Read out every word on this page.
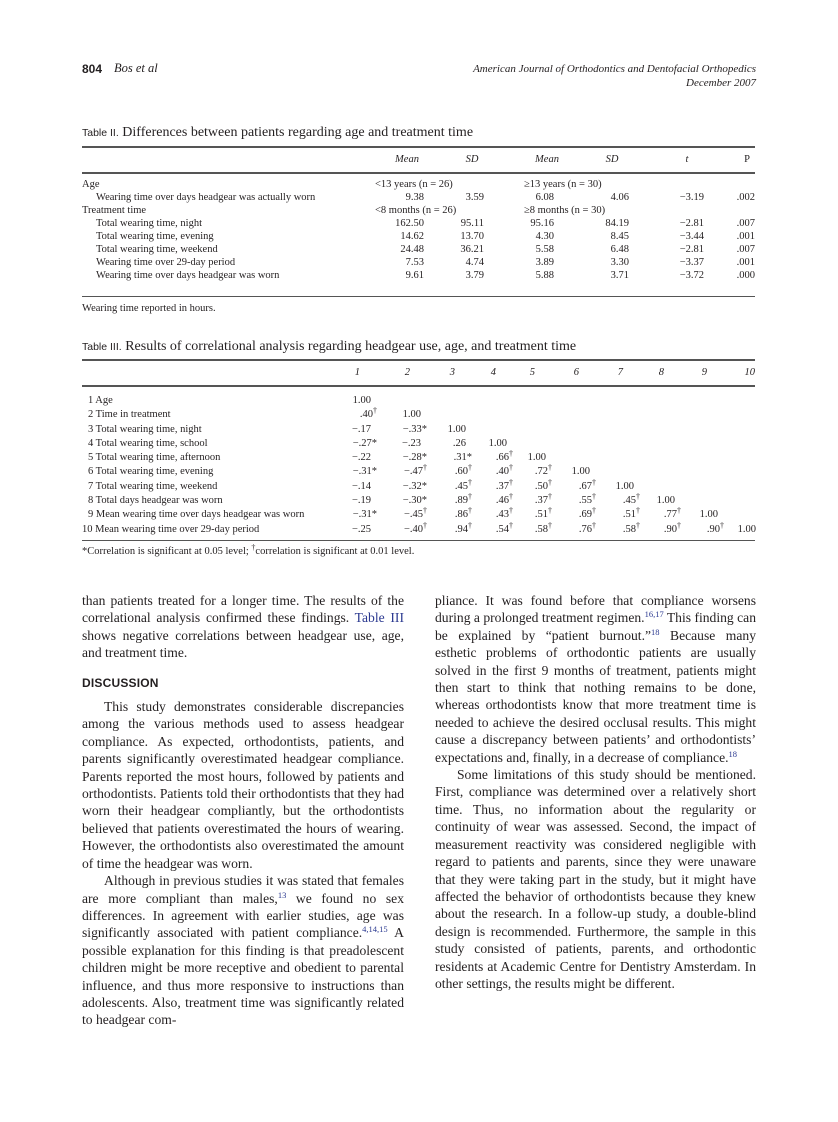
804 Bos et al	American Journal of Orthodontics and Dentofacial Orthopedics
December 2007
Table II. Differences between patients regarding age and treatment time
Mean	SD	Mean	SD	t	P
Age	<13 years (n = 26)	≥13 years (n = 30)
Wearing time over days headgear was actually worn	9.38	3.59	6.08	4.06	−3.19	.002
Treatment time	<8 months (n = 26)	≥8 months (n = 30)
Total wearing time, night	162.50	95.11	95.16	84.19	−2.81	.007
Total wearing time, evening	14.62	13.70	4.30	8.45	−3.44	.001
Total wearing time, weekend	24.48	36.21	5.58	6.48	−2.81	.007
Wearing time over 29-day period	7.53	4.74	3.89	3.30	−3.37	.001
Wearing time over days headgear was worn	9.61	3.79	5.88	3.71	−3.72	.000
Wearing time reported in hours.
Table III. Results of correlational analysis regarding headgear use, age, and treatment time
1	2	3	4	5	6	7	8	9	10
1 Age	1.00
2 Time in treatment	.40†	1.00
3 Total wearing time, night	−.17	−.33*	1.00
4 Total wearing time, school	−.27*	−.23	.26	1.00
5 Total wearing time, afternoon	−.22	−.28*	.31*	.66†	1.00
6 Total wearing time, evening	−.31*	−.47†	.60†	.40†	.72†	1.00
7 Total wearing time, weekend	−.14	−.32*	.45†	.37†	.50†	.67†	1.00
8 Total days headgear was worn	−.19	−.30*	.89†	.46†	.37†	.55†	.45†	1.00
9 Mean wearing time over days headgear was worn	−.31*	−.45†	.86†	.43†	.51†	.69†	.51†	.77†	1.00
10 Mean wearing time over 29-day period	−.25	−.40†	.94†	.54†	.58†	.76†	.58†	.90†	.90†	1.00
*Correlation is significant at 0.05 level; †correlation is significant at 0.01 level.

than patients treated for a longer time. The results of the correlational analysis confirmed these findings. Table III shows negative correlations between headgear use, age, and treatment time.

DISCUSSION

This study demonstrates considerable discrepancies among the various methods used to assess headgear compliance. As expected, orthodontists, patients, and parents significantly overestimated headgear compliance. Parents reported the most hours, followed by patients and orthodontists. Patients told their orthodontists that they had worn their headgear compliantly, but the orthodontists believed that patients overestimated the hours of wearing. However, the orthodontists also overestimated the amount of time the headgear was worn.

Although in previous studies it was stated that females are more compliant than males,$^{13}$ we found no sex differences. In agreement with earlier studies, age was significantly associated with patient compliance.$^{4,14,15}$ A possible explanation for this finding is that preadolescent children might be more receptive and obedient to parental influence, and thus more responsive to instructions than adolescents. Also, treatment time was significantly related to headgear com-

pliance. It was found before that compliance worsens during a prolonged treatment regimen.$^{16,17}$ This finding can be explained by “patient burnout.”$^{18}$ Because many esthetic problems of orthodontic patients are usually solved in the first 9 months of treatment, patients might then start to think that nothing remains to be done, whereas orthodontists know that more treatment time is needed to achieve the desired occlusal results. This might cause a discrepancy between patients’ and orthodontists’ expectations and, finally, in a decrease of compliance.$^{18}$

Some limitations of this study should be mentioned. First, compliance was determined over a relatively short time. Thus, no information about the regularity or continuity of wear was assessed. Second, the impact of measurement reactivity was considered negligible with regard to patients and parents, since they were unaware that they were taking part in the study, but it might have affected the behavior of orthodontists because they knew about the research. In a follow-up study, a double-blind design is recommended. Furthermore, the sample in this study consisted of patients, parents, and orthodontic residents at Academic Centre for Dentistry Amsterdam. In other settings, the results might be different.
